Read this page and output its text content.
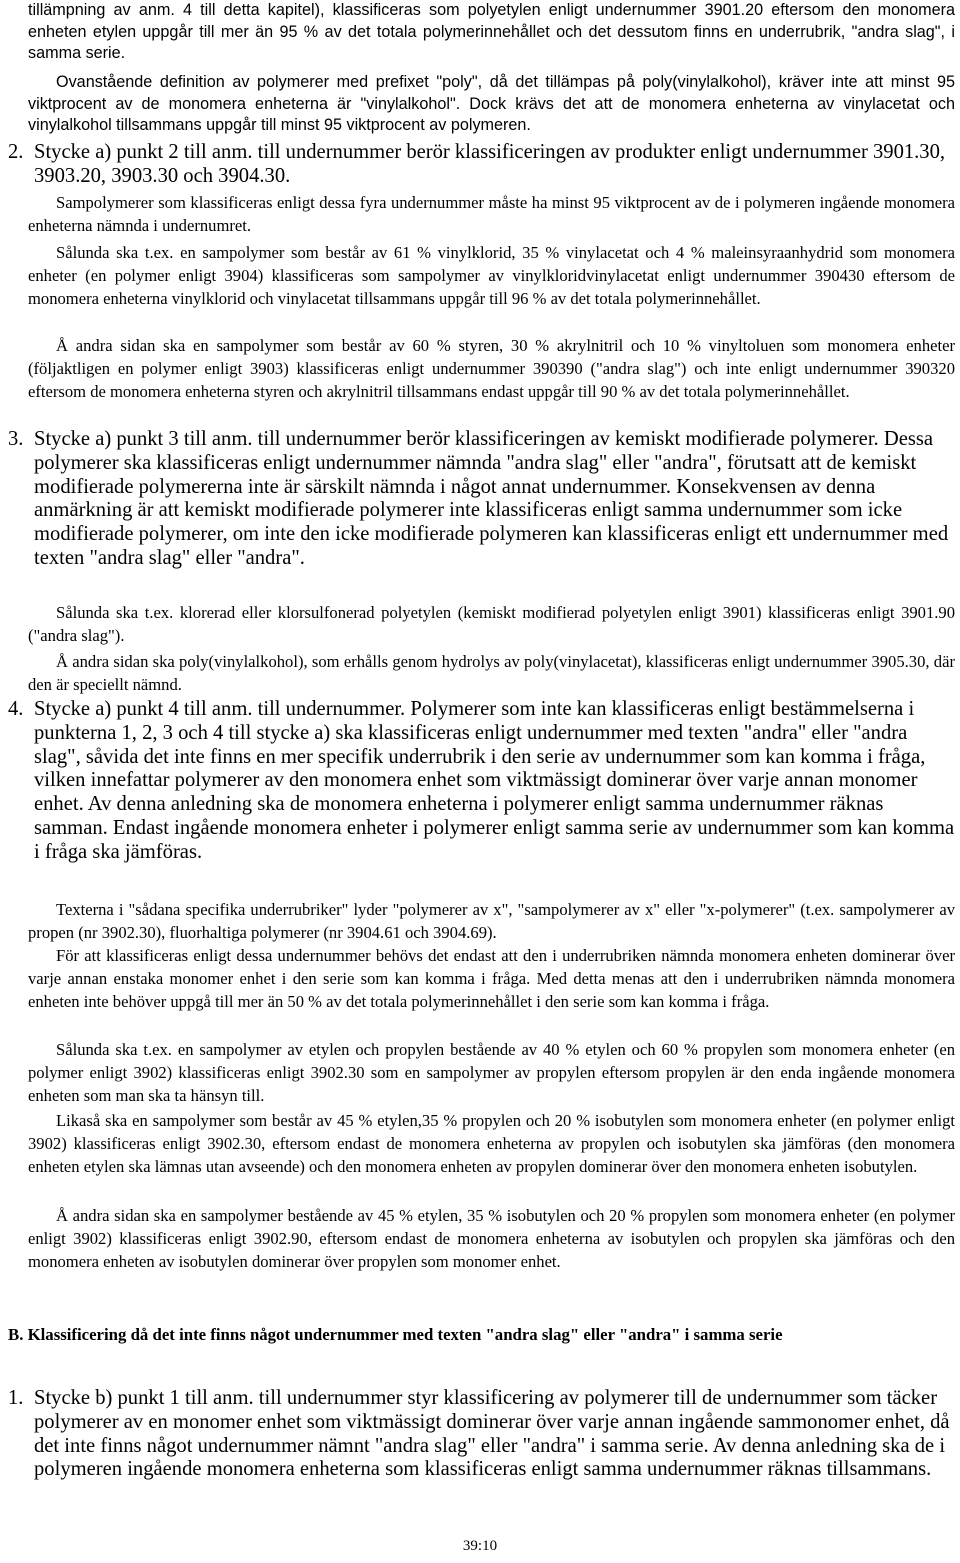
tillämpning av anm. 4 till detta kapitel), klassificeras som polyetylen enligt undernummer 3901.20 eftersom den monomera enheten etylen uppgår till mer än 95 % av det totala polymerinnehållet och det dessutom finns en underrubrik, "andra slag", i samma serie.

Ovanstående definition av polymerer med prefixet "poly", då det tillämpas på poly(vinylalkohol), kräver inte att minst 95 viktprocent av de monomera enheterna är "vinylalkohol". Dock krävs det att de monomera enheterna av vinylacetat och vinylalkohol tillsammans uppgår till minst 95 viktprocent av polymeren.

2. Stycke a) punkt 2 till anm. till undernummer berör klassificeringen av produkter enligt undernummer 3901.30, 3903.20, 3903.30 och 3904.30.

Sampolymerer som klassificeras enligt dessa fyra undernummer måste ha minst 95 viktprocent av de i polymeren ingående monomera enheterna nämnda i undernumret.

Sålunda ska t.ex. en sampolymer som består av 61 % vinylklorid, 35 % vinylacetat och 4 % maleinsyraanhydrid som monomera enheter (en polymer enligt 3904) klassificeras som sampolymer av vinylkloridvinylacetat enligt undernummer 390430 eftersom de monomera enheterna vinylklorid och vinylacetat tillsammans uppgår till 96 % av det totala polymerinnehållet.

Å andra sidan ska en sampolymer som består av 60 % styren, 30 % akrylnitril och 10 % vinyltoluen som monomera enheter (följaktligen en polymer enligt 3903) klassificeras enligt undernummer 390390 ("andra slag") och inte enligt undernummer 390320 eftersom de monomera enheterna styren och akrylnitril tillsammans endast uppgår till 90 % av det totala polymerinnehållet.

3. Stycke a) punkt 3 till anm. till undernummer berör klassificeringen av kemiskt modifierade polymerer. Dessa polymerer ska klassificeras enligt undernummer nämnda "andra slag" eller "andra", förutsatt att de kemiskt modifierade polymererna inte är särskilt nämnda i något annat undernummer. Konsekvensen av denna anmärkning är att kemiskt modifierade polymerer inte klassificeras enligt samma undernummer som icke modifierade polymerer, om inte den icke modifierade polymeren kan klassificeras enligt ett undernummer med texten "andra slag" eller "andra".

Sålunda ska t.ex. klorerad eller klorsulfonerad polyetylen (kemiskt modifierad polyetylen enligt 3901) klassificeras enligt 3901.90 ("andra slag").

Å andra sidan ska poly(vinylalkohol), som erhålls genom hydrolys av poly(vinylacetat), klassificeras enligt undernummer 3905.30, där den är speciellt nämnd.

4. Stycke a) punkt 4 till anm. till undernummer. Polymerer som inte kan klassificeras enligt bestämmelserna i punkterna 1, 2, 3 och 4 till stycke a) ska klassificeras enligt undernummer med texten "andra" eller "andra slag", såvida det inte finns en mer specifik underrubrik i den serie av undernummer som kan komma i fråga, vilken innefattar polymerer av den monomera enhet som viktmässigt dominerar över varje annan monomer enhet. Av denna anledning ska de monomera enheterna i polymerer enligt samma undernummer räknas samman. Endast ingående monomera enheter i polymerer enligt samma serie av undernummer som kan komma i fråga ska jämföras.

Texterna i "sådana specifika underrubriker" lyder "polymerer av x", "sampolymerer av x" eller "x-polymerer" (t.ex. sampolymerer av propen (nr 3902.30), fluorhaltiga polymerer (nr 3904.61 och 3904.69).

För att klassificeras enligt dessa undernummer behövs det endast att den i underrubriken nämnda monomera enheten dominerar över varje annan enstaka monomer enhet i den serie som kan komma i fråga. Med detta menas att den i underrubriken nämnda monomera enheten inte behöver uppgå till mer än 50 % av det totala polymerinnehållet i den serie som kan komma i fråga.

Sålunda ska t.ex. en sampolymer av etylen och propylen bestående av 40 % etylen och 60 % propylen som monomera enheter (en polymer enligt 3902) klassificeras enligt 3902.30 som en sampolymer av propylen eftersom propylen är den enda ingående monomera enheten som man ska ta hänsyn till.

Likaså ska en sampolymer som består av 45 % etylen,35 % propylen och 20 % isobutylen som monomera enheter (en polymer enligt 3902) klassificeras enligt 3902.30, eftersom endast de monomera enheterna av propylen och isobutylen ska jämföras (den monomera enheten etylen ska lämnas utan avseende) och den monomera enheten av propylen dominerar över den monomera enheten isobutylen.

Å andra sidan ska en sampolymer bestående av 45 % etylen, 35 % isobutylen och 20 % propylen som monomera enheter (en polymer enligt 3902) klassificeras enligt 3902.90, eftersom endast de monomera enheterna av isobutylen och propylen ska jämföras och den monomera enheten av isobutylen dominerar över propylen som monomer enhet.

B. Klassificering då det inte finns något undernummer med texten "andra slag" eller "andra" i samma serie

1. Stycke b) punkt 1 till anm. till undernummer styr klassificering av polymerer till de undernummer som täcker polymerer av en monomer enhet som viktmässigt dominerar över varje annan ingående sammonomer enhet, då det inte finns något undernummer nämnt "andra slag" eller "andra" i samma serie. Av denna anledning ska de i polymeren ingående monomera enheterna som klassificeras enligt samma undernummer räknas tillsammans.

39:10
